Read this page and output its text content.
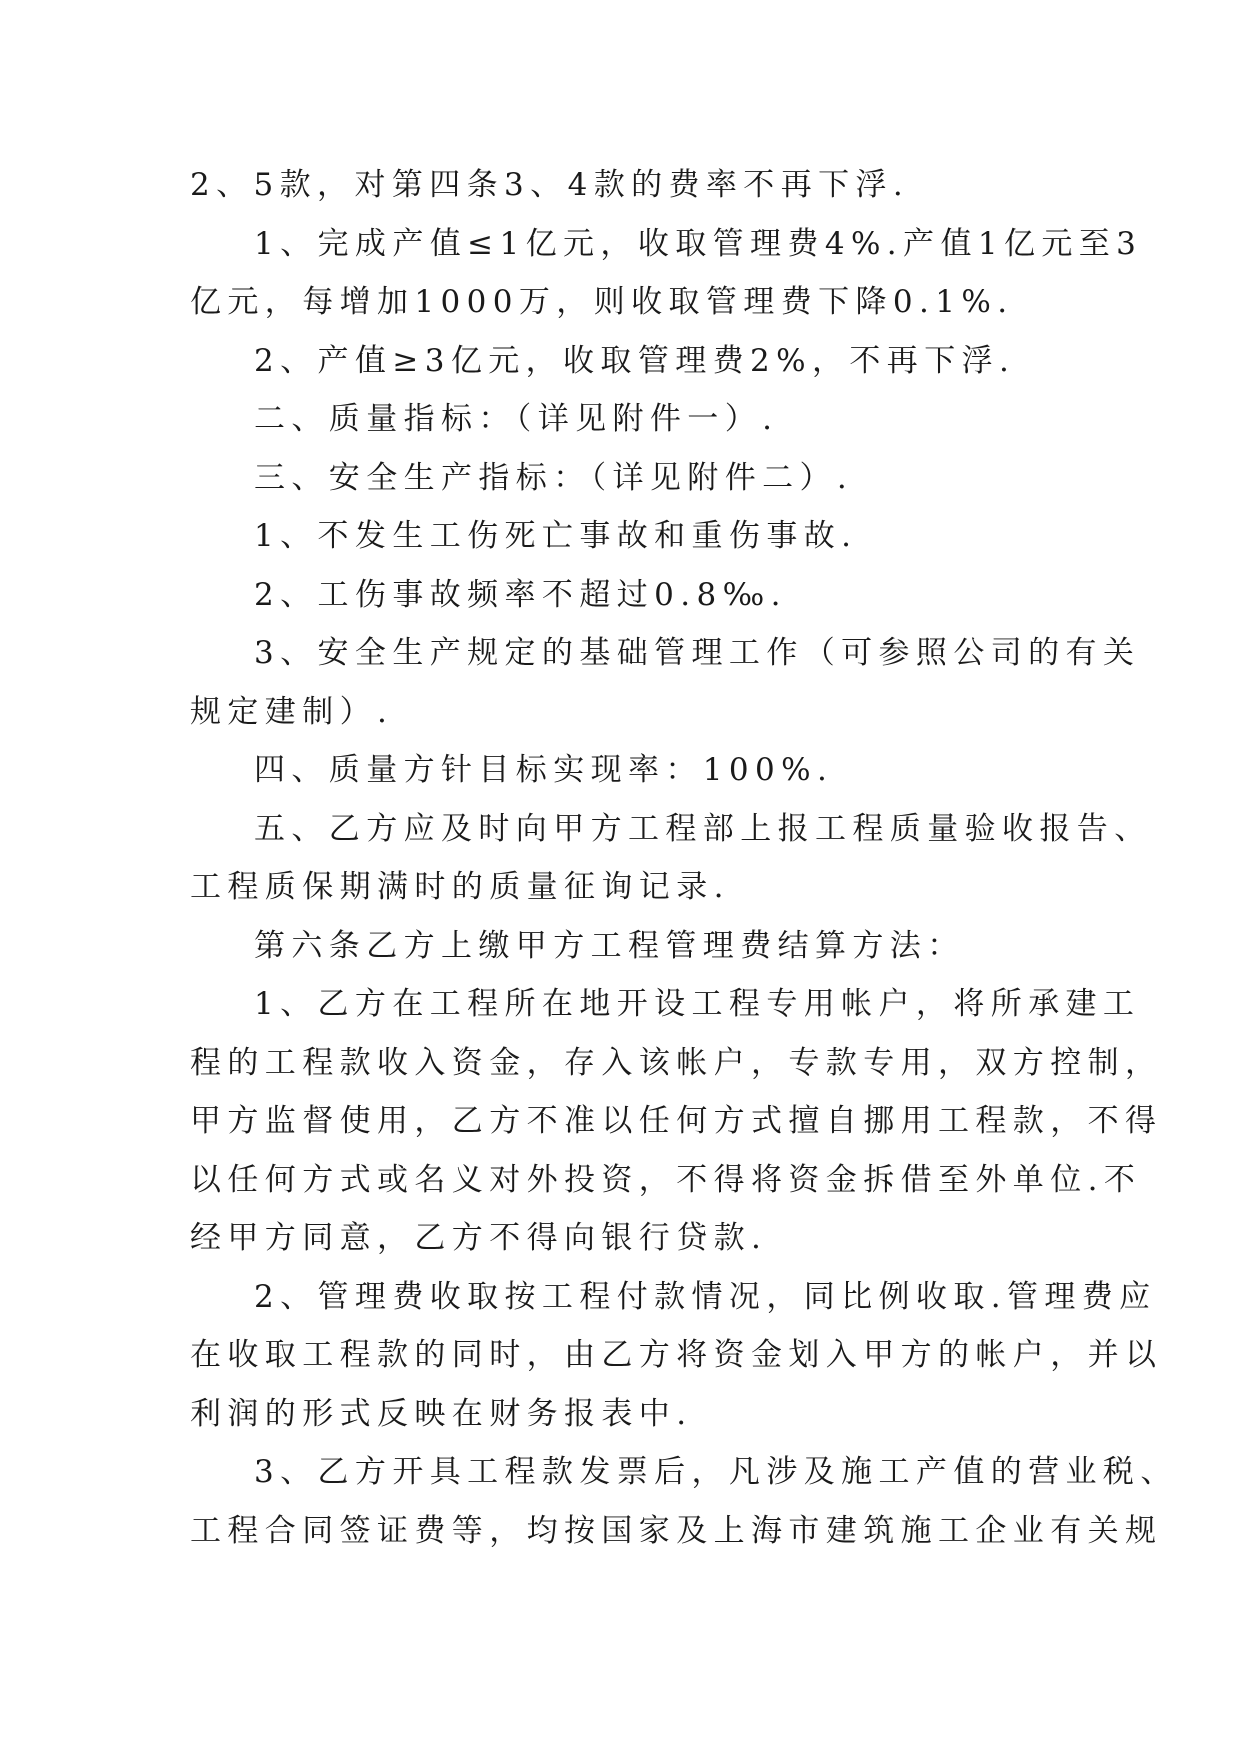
2、5款，对第四条3、4款的费率不再下浮.
1、完成产值≤1亿元，收取管理费4%.产值1亿元至3
亿元，每增加1000万，则收取管理费下降0.1%.
2、产值≥3亿元，收取管理费2%，不再下浮.
二、质量指标：（详见附件一）.
三、安全生产指标：（详见附件二）.
1、不发生工伤死亡事故和重伤事故.
2、工伤事故频率不超过0.8‰.
3、安全生产规定的基础管理工作（可参照公司的有关
规定建制）.
四、质量方针目标实现率：100%.
五、乙方应及时向甲方工程部上报工程质量验收报告、
工程质保期满时的质量征询记录.
第六条乙方上缴甲方工程管理费结算方法：
1、乙方在工程所在地开设工程专用帐户，将所承建工
程的工程款收入资金，存入该帐户，专款专用，双方控制，
甲方监督使用，乙方不准以任何方式擅自挪用工程款，不得
以任何方式或名义对外投资，不得将资金拆借至外单位.不
经甲方同意，乙方不得向银行贷款.
2、管理费收取按工程付款情况，同比例收取.管理费应
在收取工程款的同时，由乙方将资金划入甲方的帐户，并以
利润的形式反映在财务报表中.
3、乙方开具工程款发票后，凡涉及施工产值的营业税、
工程合同签证费等，均按国家及上海市建筑施工企业有关规
